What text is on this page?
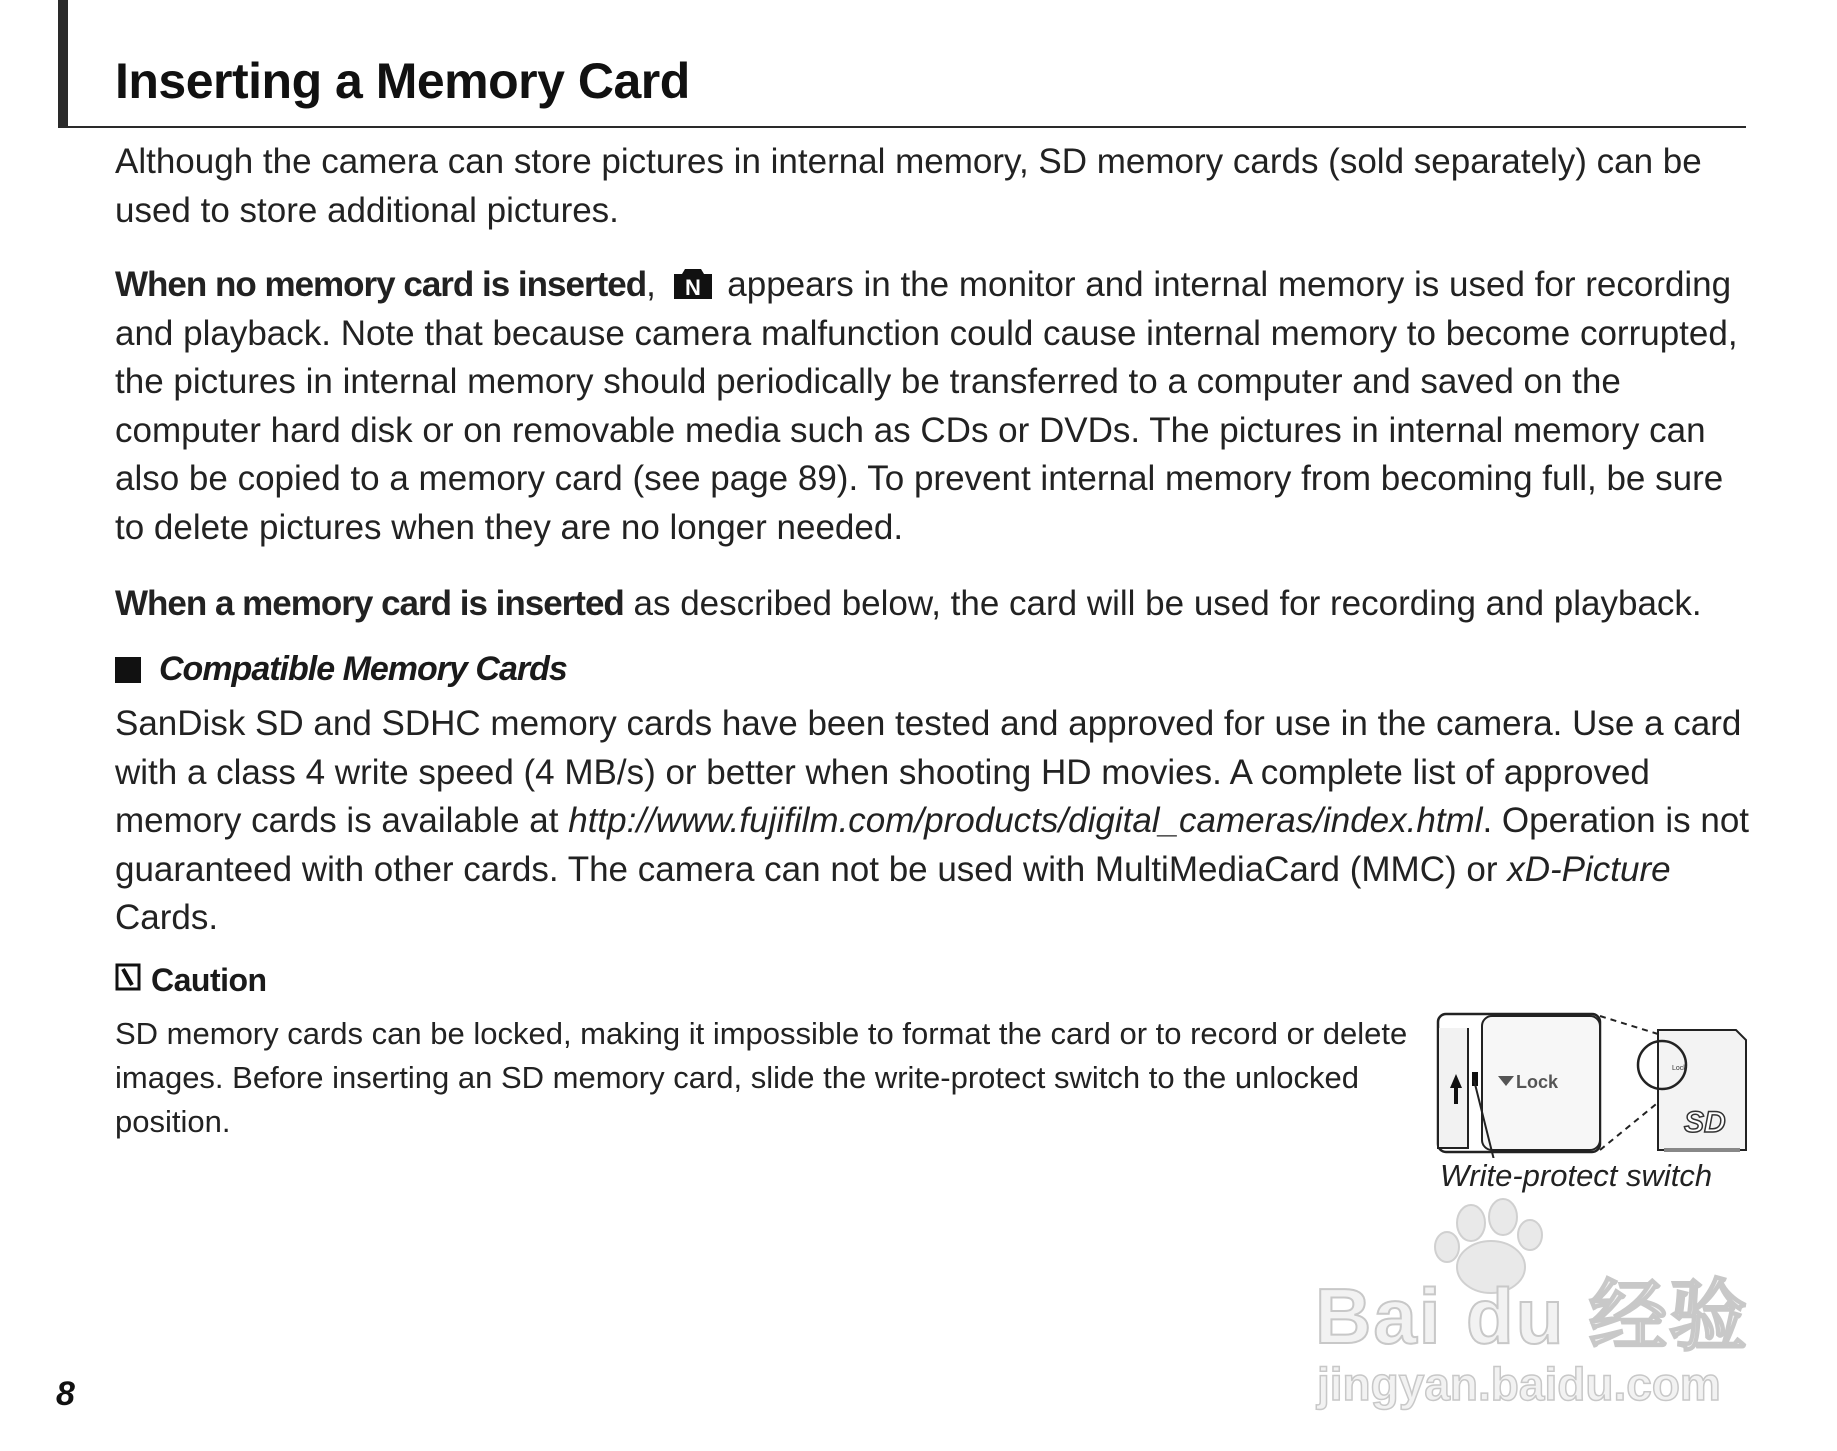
Inserting a Memory Card

Although the camera can store pictures in internal memory, SD memory cards (sold separately) can be used to store additional pictures.

When no memory card is inserted, N appears in the monitor and internal memory is used for recording and playback. Note that because camera malfunction could cause internal memory to become corrupted, the pictures in internal memory should periodically be transferred to a computer and saved on the computer hard disk or on removable media such as CDs or DVDs. The pictures in internal memory can also be copied to a memory card (see page 89). To prevent internal memory from becoming full, be sure to delete pictures when they are no longer needed.

When a memory card is inserted as described below, the card will be used for recording and playback.

Compatible Memory Cards

SanDisk SD and SDHC memory cards have been tested and approved for use in the camera. Use a card with a class 4 write speed (4 MB/s) or better when shooting HD movies. A complete list of approved memory cards is available at http://www.fujifilm.com/products/digital_cameras/index.html. Operation is not guaranteed with other cards. The camera can not be used with MultiMediaCard (MMC) or xD-Picture Cards.

Caution

SD memory cards can be locked, making it impossible to format the card or to record or delete images. Before inserting an SD memory card, slide the write-protect switch to the unlocked position.

Lock
Lock
SD
Write-protect switch
Bai du 经验
jingyan.baidu.com
8
